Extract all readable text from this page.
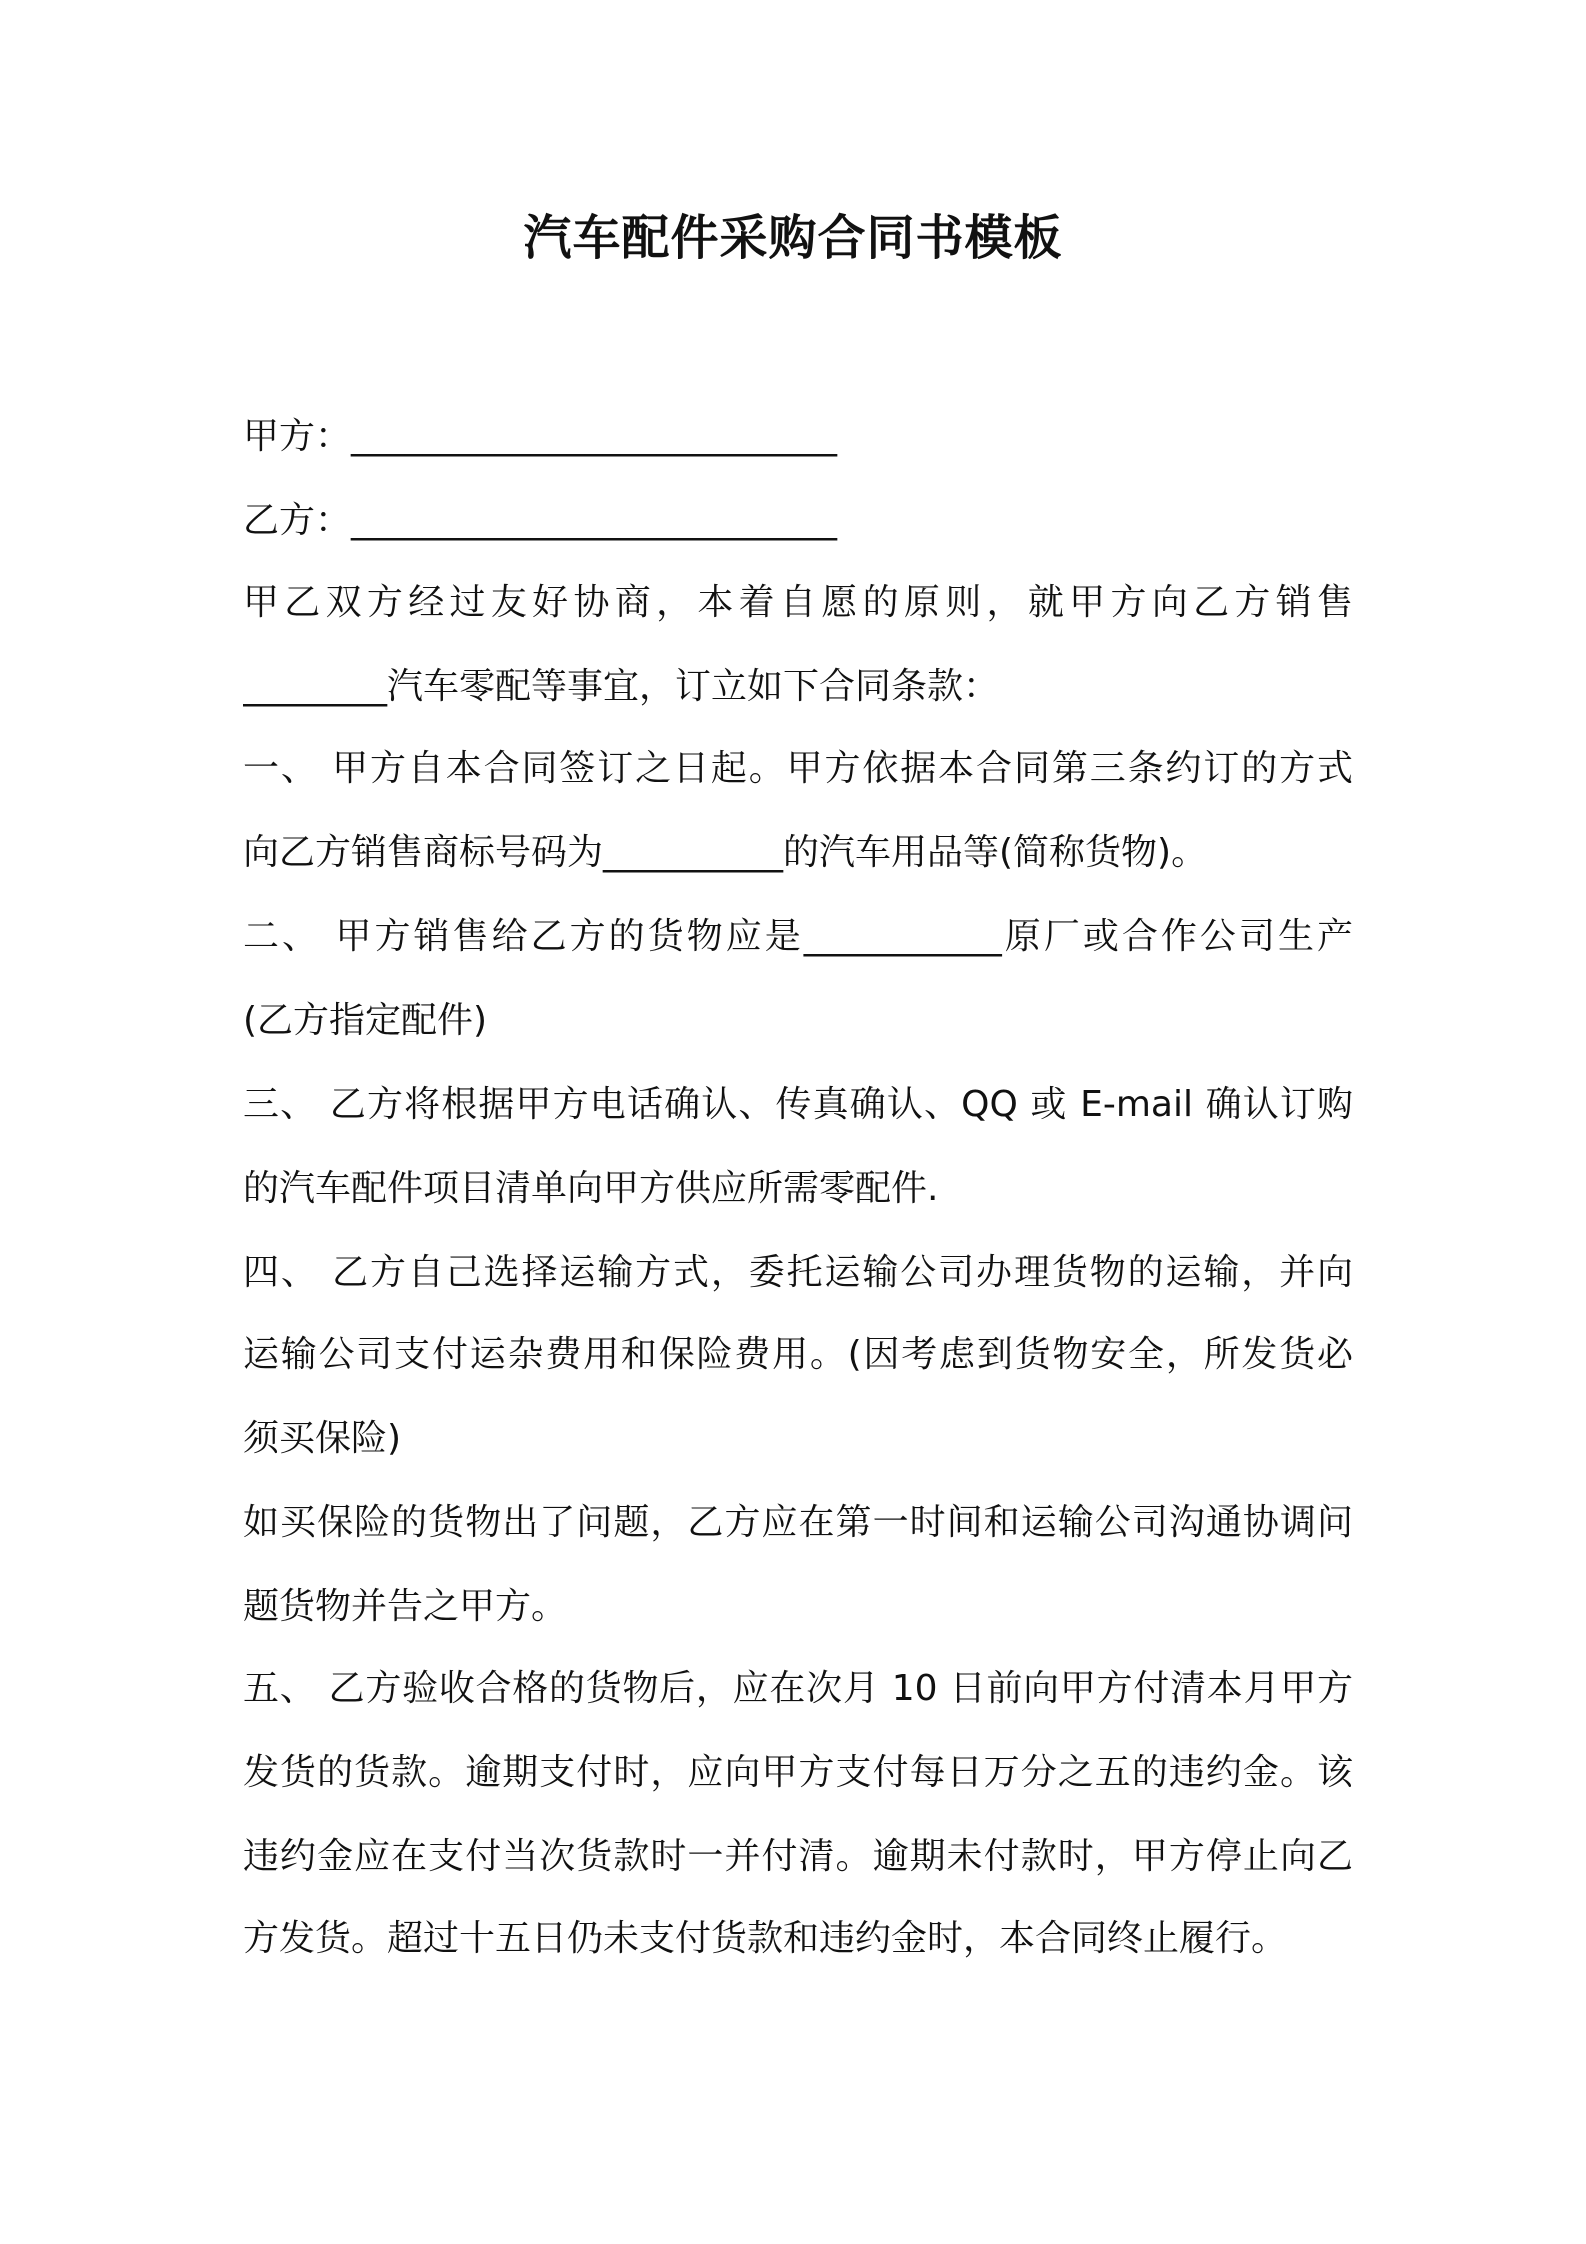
汽车配件采购合同书模板
甲方：___________________________
乙方：___________________________
甲乙双方经过友好协商，本着自愿的原则，就甲方向乙方销售
________汽车零配等事宜，订立如下合同条款：
一、 甲方自本合同签订之日起。甲方依据本合同第三条约订的方式
向乙方销售商标号码为__________的汽车用品等(简称货物)。
二、 甲方销售给乙方的货物应是___________原厂或合作公司生产
(乙方指定配件)
三、 乙方将根据甲方电话确认、传真确认、QQ 或 E-mail 确认订购
的汽车配件项目清单向甲方供应所需零配件.
四、 乙方自己选择运输方式，委托运输公司办理货物的运输，并向
运输公司支付运杂费用和保险费用。(因考虑到货物安全，所发货必
须买保险)
如买保险的货物出了问题，乙方应在第一时间和运输公司沟通协调问
题货物并告之甲方。
五、 乙方验收合格的货物后，应在次月 10 日前向甲方付清本月甲方
发货的货款。逾期支付时，应向甲方支付每日万分之五的违约金。该
违约金应在支付当次货款时一并付清。逾期未付款时，甲方停止向乙
方发货。超过十五日仍未支付货款和违约金时，本合同终止履行。
